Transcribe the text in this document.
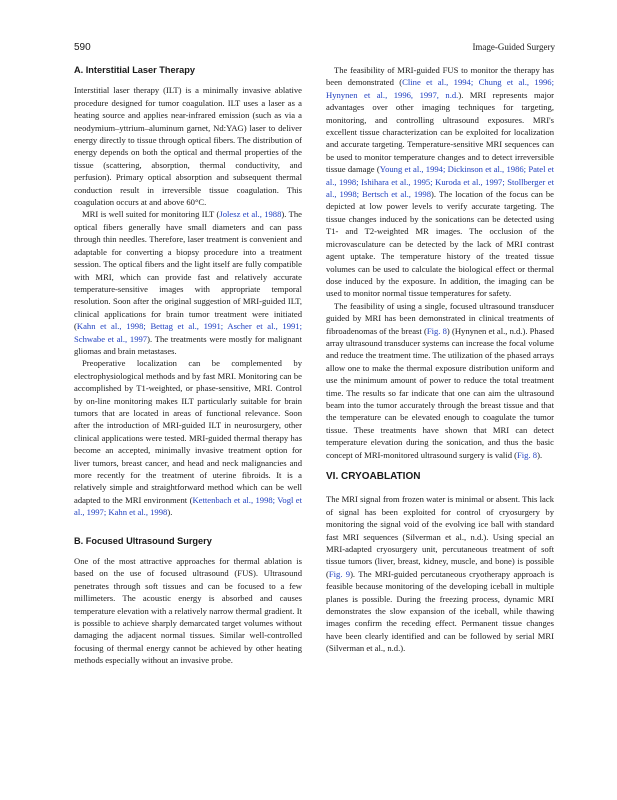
590	Image-Guided Surgery
A. Interstitial Laser Therapy

Interstitial laser therapy (ILT) is a minimally invasive ablative procedure designed for tumor coagulation. ILT uses a laser as a heating source and applies near-infrared emission (such as via a neodymium–yttrium–aluminum garnet, Nd:YAG) laser to deliver energy directly to tissue through optical fibers. The distribution of energy depends on both the optical and thermal properties of the tissue (scattering, absorption, thermal conductivity, and perfusion). Primary optical absorption and subsequent thermal conduction result in irreversible tissue coagulation. This coagulation occurs at and above 60°C.

MRI is well suited for monitoring ILT (Jolesz et al., 1988). The optical fibers generally have small diameters and can pass through thin needles. Therefore, laser treatment is convenient and adaptable for converting a biopsy procedure into a treatment session. The optical fibers and the light itself are fully compatible with MRI, which can provide fast and relatively accurate temperature-sensitive images with appropriate temporal resolution. Soon after the original suggestion of MRI-guided ILT, clinical applications for brain tumor treatment were initiated (Kahn et al., 1998; Bettag et al., 1991; Ascher et al., 1991; Schwabe et al., 1997). The treatments were mostly for malignant gliomas and brain metastases.

Preoperative localization can be complemented by electrophysiological methods and by fast MRI. Monitoring can be accomplished by T1-weighted, or phase-sensitive, MRI. Control by on-line monitoring makes ILT particularly suitable for brain tumors that are located in areas of functional relevance. Soon after the introduction of MRI-guided ILT in neurosurgery, other clinical applications were tested. MRI-guided thermal therapy has become an accepted, minimally invasive treatment option for liver tumors, breast cancer, and head and neck malignancies and more recently for the treatment of uterine fibroids. It is a relatively simple and straightforward method which can be well adapted to the MRI environment (Kettenbach et al., 1998; Vogl et al., 1997; Kahn et al., 1998).

B. Focused Ultrasound Surgery

One of the most attractive approaches for thermal ablation is based on the use of focused ultrasound (FUS). Ultrasound penetrates through soft tissues and can be focused to a few millimeters. The acoustic energy is absorbed and causes temperature elevation with a relatively narrow thermal gradient. It is possible to achieve sharply demarcated target volumes without damaging the adjacent normal tissues. Similar well-controlled focusing of thermal energy cannot be achieved by other heating methods especially without an invasive probe.

The feasibility of MRI-guided FUS to monitor the therapy has been demonstrated (Cline et al., 1994; Chung et al., 1996; Hynynen et al., 1996, 1997, n.d.). MRI represents major advantages over other imaging techniques for targeting, monitoring, and controlling ultrasound exposures. MRI's excellent tissue characterization can be exploited for localization and accurate targeting. Temperature-sensitive MRI sequences can be used to monitor temperature changes and to detect irreversible tissue damage (Young et al., 1994; Dickinson et al., 1986; Patel et al., 1998; Ishihara et al., 1995; Kuroda et al., 1997; Stollberger et al., 1998; Bertsch et al., 1998). The location of the focus can be depicted at low power levels to verify accurate targeting. The tissue changes induced by the sonications can be detected using T1- and T2-weighted MR images. The occlusion of the microvasculature can be detected by the lack of MRI contrast agent uptake. The temperature history of the treated tissue volumes can be used to calculate the biological effect or thermal dose induced by the exposure. In addition, the imaging can be used to monitor normal tissue temperatures for safety.

The feasibility of using a single, focused ultrasound transducer guided by MRI has been demonstrated in clinical treatments of fibroadenomas of the breast (Fig. 8) (Hynynen et al., n.d.). Phased array ultrasound transducer systems can increase the focal volume and reduce the treatment time. The utilization of the phased arrays allow one to make the thermal exposure distribution uniform and use the minimum amount of power to reduce the total treatment time. The results so far indicate that one can aim the ultrasound beam into the tumor accurately through the breast tissue and that the temperature can be elevated enough to coagulate the tumor tissue. These treatments have shown that MRI can detect temperature elevation during the sonication, and thus the basic concept of MRI-monitored ultrasound surgery is valid (Fig. 8).

VI. CRYOABLATION

The MRI signal from frozen water is minimal or absent. This lack of signal has been exploited for control of cryosurgery by monitoring the signal void of the evolving ice ball with standard fast MRI sequences (Silverman et al., n.d.). Using special an MRI-adapted cryosurgery unit, percutaneous treatment of soft tissue tumors (liver, breast, kidney, muscle, and bone) is possible (Fig. 9). The MRI-guided percutaneous cryotherapy approach is feasible because monitoring of the developing iceball in multiple planes is possible. During the freezing process, dynamic MRI demonstrates the slow expansion of the iceball, while thawing images confirm the receding effect. Permanent tissue changes have been clearly identified and can be followed by serial MRI (Silverman et al., n.d.).
